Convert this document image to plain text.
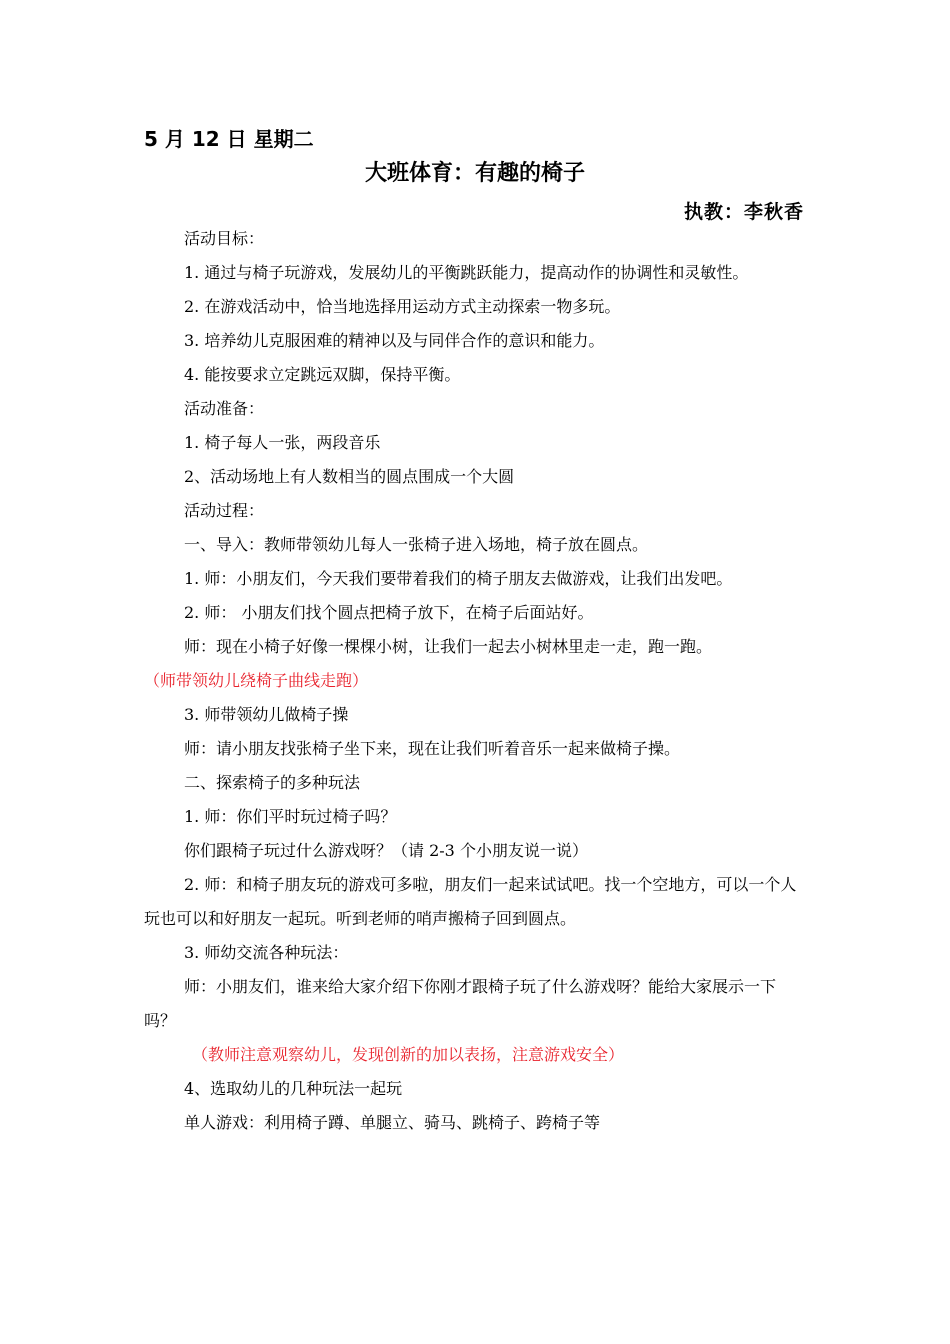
5 月 12 日 星期二
大班体育：有趣的椅子
执教：李秋香

活动目标：

1. 通过与椅子玩游戏，发展幼儿的平衡跳跃能力，提高动作的协调性和灵敏性。

2. 在游戏活动中，恰当地选择用运动方式主动探索一物多玩。

3. 培养幼儿克服困难的精神以及与同伴合作的意识和能力。

4. 能按要求立定跳远双脚，保持平衡。

活动准备：

1. 椅子每人一张，两段音乐

2、活动场地上有人数相当的圆点围成一个大圆

活动过程：

一、导入：教师带领幼儿每人一张椅子进入场地，椅子放在圆点。

1. 师：小朋友们，今天我们要带着我们的椅子朋友去做游戏，让我们出发吧。

2. 师： 小朋友们找个圆点把椅子放下，在椅子后面站好。

师：现在小椅子好像一棵棵小树，让我们一起去小树林里走一走，跑一跑。

（师带领幼儿绕椅子曲线走跑）

3. 师带领幼儿做椅子操

师：请小朋友找张椅子坐下来，现在让我们听着音乐一起来做椅子操。

二、探索椅子的多种玩法

1. 师：你们平时玩过椅子吗？

你们跟椅子玩过什么游戏呀？（请 2-3 个小朋友说一说）

2. 师：和椅子朋友玩的游戏可多啦，朋友们一起来试试吧。找一个空地方，可以一个人玩也可以和好朋友一起玩。听到老师的哨声搬椅子回到圆点。

3. 师幼交流各种玩法：

师：小朋友们，谁来给大家介绍下你刚才跟椅子玩了什么游戏呀？能给大家展示一下吗？

（教师注意观察幼儿，发现创新的加以表扬，注意游戏安全）

4、选取幼儿的几种玩法一起玩

单人游戏：利用椅子蹲、单腿立、骑马、跳椅子、跨椅子等
